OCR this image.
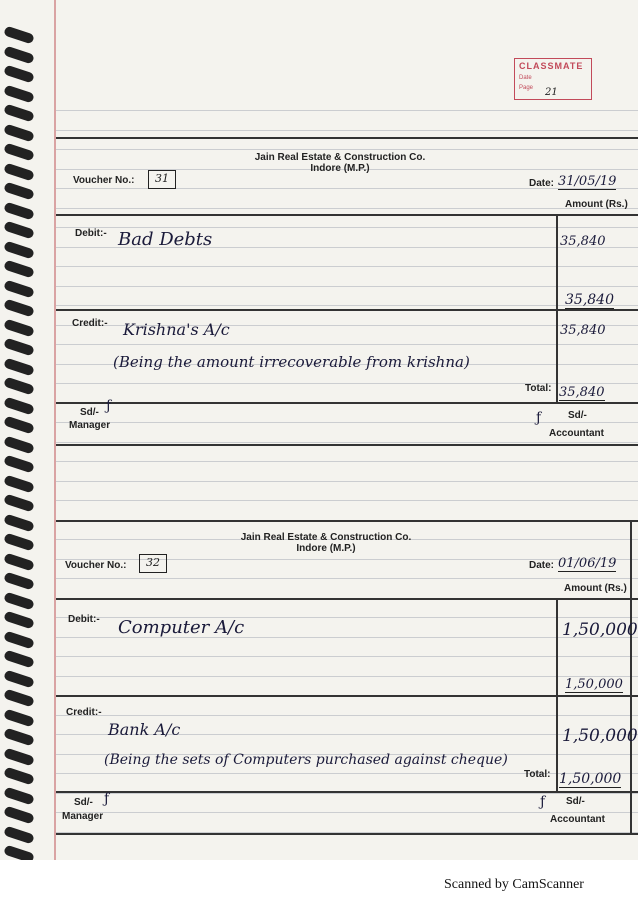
CLASSMATE
Date
Page 21
Jain Real Estate & Construction Co.
Indore (M.P.)
Voucher No.:	31	Date: 31/05/19
Amount (Rs.)
Debit:- Bad Debts	35,840
35,840
Credit:- Krishna's A/c	35,840
(Being the amount irrecoverable from krishna)
Total: 35,840
Sd/- ƒ
Manager	ƒ	Sd/-
Accountant
Jain Real Estate & Construction Co.
Indore (M.P.)
Voucher No.:	32	Date: 01/06/19
Amount (Rs.)
Debit:- Computer A/c	1,50,000
1,50,000
Credit:-
Bank A/c	1,50,000
(Being the sets of Computers purchased against cheque)
Total: 1,50,000
Sd/- ƒ
Manager
ƒ Sd/-
Accountant
Scanned by CamScanner
